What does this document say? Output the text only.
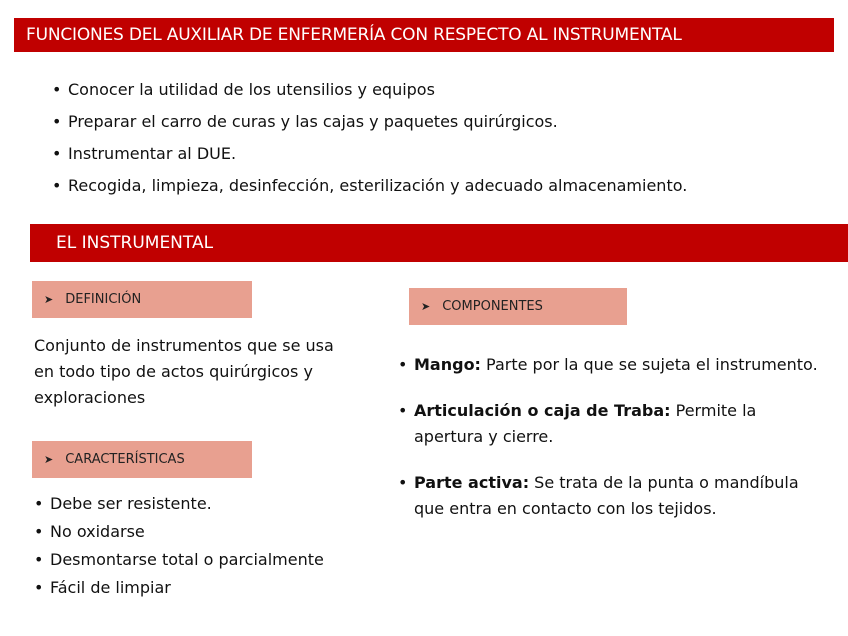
FUNCIONES DEL AUXILIAR DE ENFERMERÍA CON RESPECTO AL INSTRUMENTAL
• Conocer la utilidad de los utensilios y equipos
• Preparar el carro de curas y las cajas y paquetes quirúrgicos.
• Instrumentar al DUE.
• Recogida, limpieza, desinfección, esterilización y adecuado almacenamiento.
EL INSTRUMENTAL
➤ DEFINICIÓN
Conjunto de instrumentos que se usa en todo tipo de actos quirúrgicos y exploraciones
➤ CARACTERÍSTICAS
• Debe ser resistente.
• No oxidarse
• Desmontarse total o parcialmente
• Fácil de limpiar
➤ COMPONENTES
• Mango: Parte por la que se sujeta el instrumento.
• Articulación o caja de Traba: Permite la apertura y cierre.
• Parte activa: Se trata de la punta o mandíbula que entra en contacto con los tejidos.
